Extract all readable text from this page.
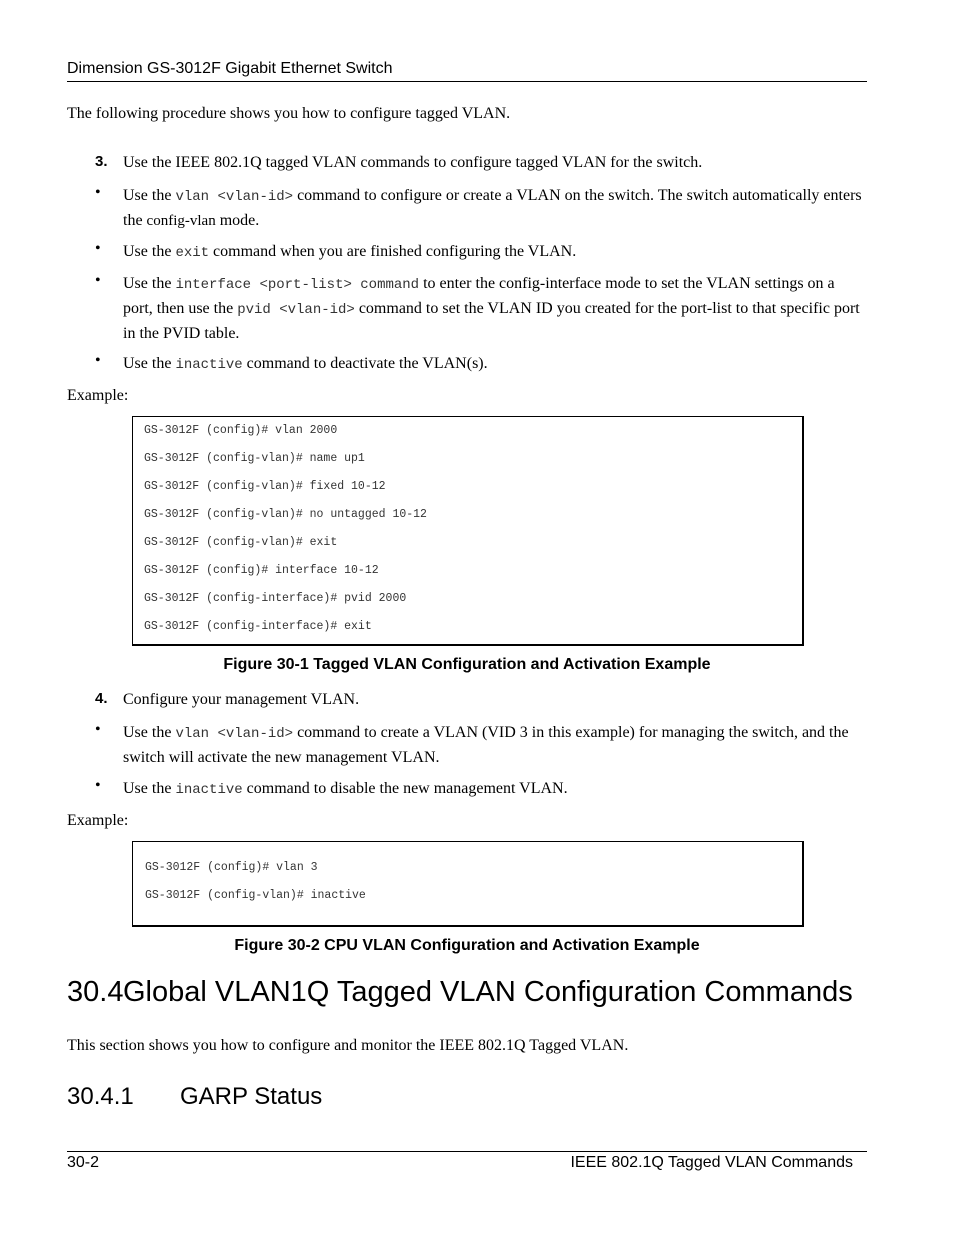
Dimension GS-3012F Gigabit Ethernet Switch
The following procedure shows you how to configure tagged VLAN.
3. Use the IEEE 802.1Q tagged VLAN commands to configure tagged VLAN for the switch.
• Use the vlan <vlan-id> command to configure or create a VLAN on the switch. The switch automatically enters the config-vlan mode.
• Use the exit command when you are finished configuring the VLAN.
• Use the interface <port-list> command to enter the config-interface mode to set the VLAN settings on a port, then use the pvid <vlan-id> command to set the VLAN ID you created for the port-list to that specific port in the PVID table.
• Use the inactive command to deactivate the VLAN(s).
Example:
GS-3012F (config)# vlan 2000
GS-3012F (config-vlan)# name up1
GS-3012F (config-vlan)# fixed 10-12
GS-3012F (config-vlan)# no untagged 10-12
GS-3012F (config-vlan)# exit
GS-3012F (config)# interface 10-12
GS-3012F (config-interface)# pvid 2000
GS-3012F (config-interface)# exit
Figure 30-1 Tagged VLAN Configuration and Activation Example
4. Configure your management VLAN.
• Use the vlan <vlan-id> command to create a VLAN (VID 3 in this example) for managing the switch, and the switch will activate the new management VLAN.
• Use the inactive command to disable the new management VLAN.
Example:
GS-3012F (config)# vlan 3
GS-3012F (config-vlan)# inactive
Figure 30-2 CPU VLAN Configuration and Activation Example
30.4Global VLAN1Q Tagged VLAN Configuration Commands
This section shows you how to configure and monitor the IEEE 802.1Q Tagged VLAN.
30.4.1 GARP Status
30-2	IEEE 802.1Q Tagged VLAN Commands
